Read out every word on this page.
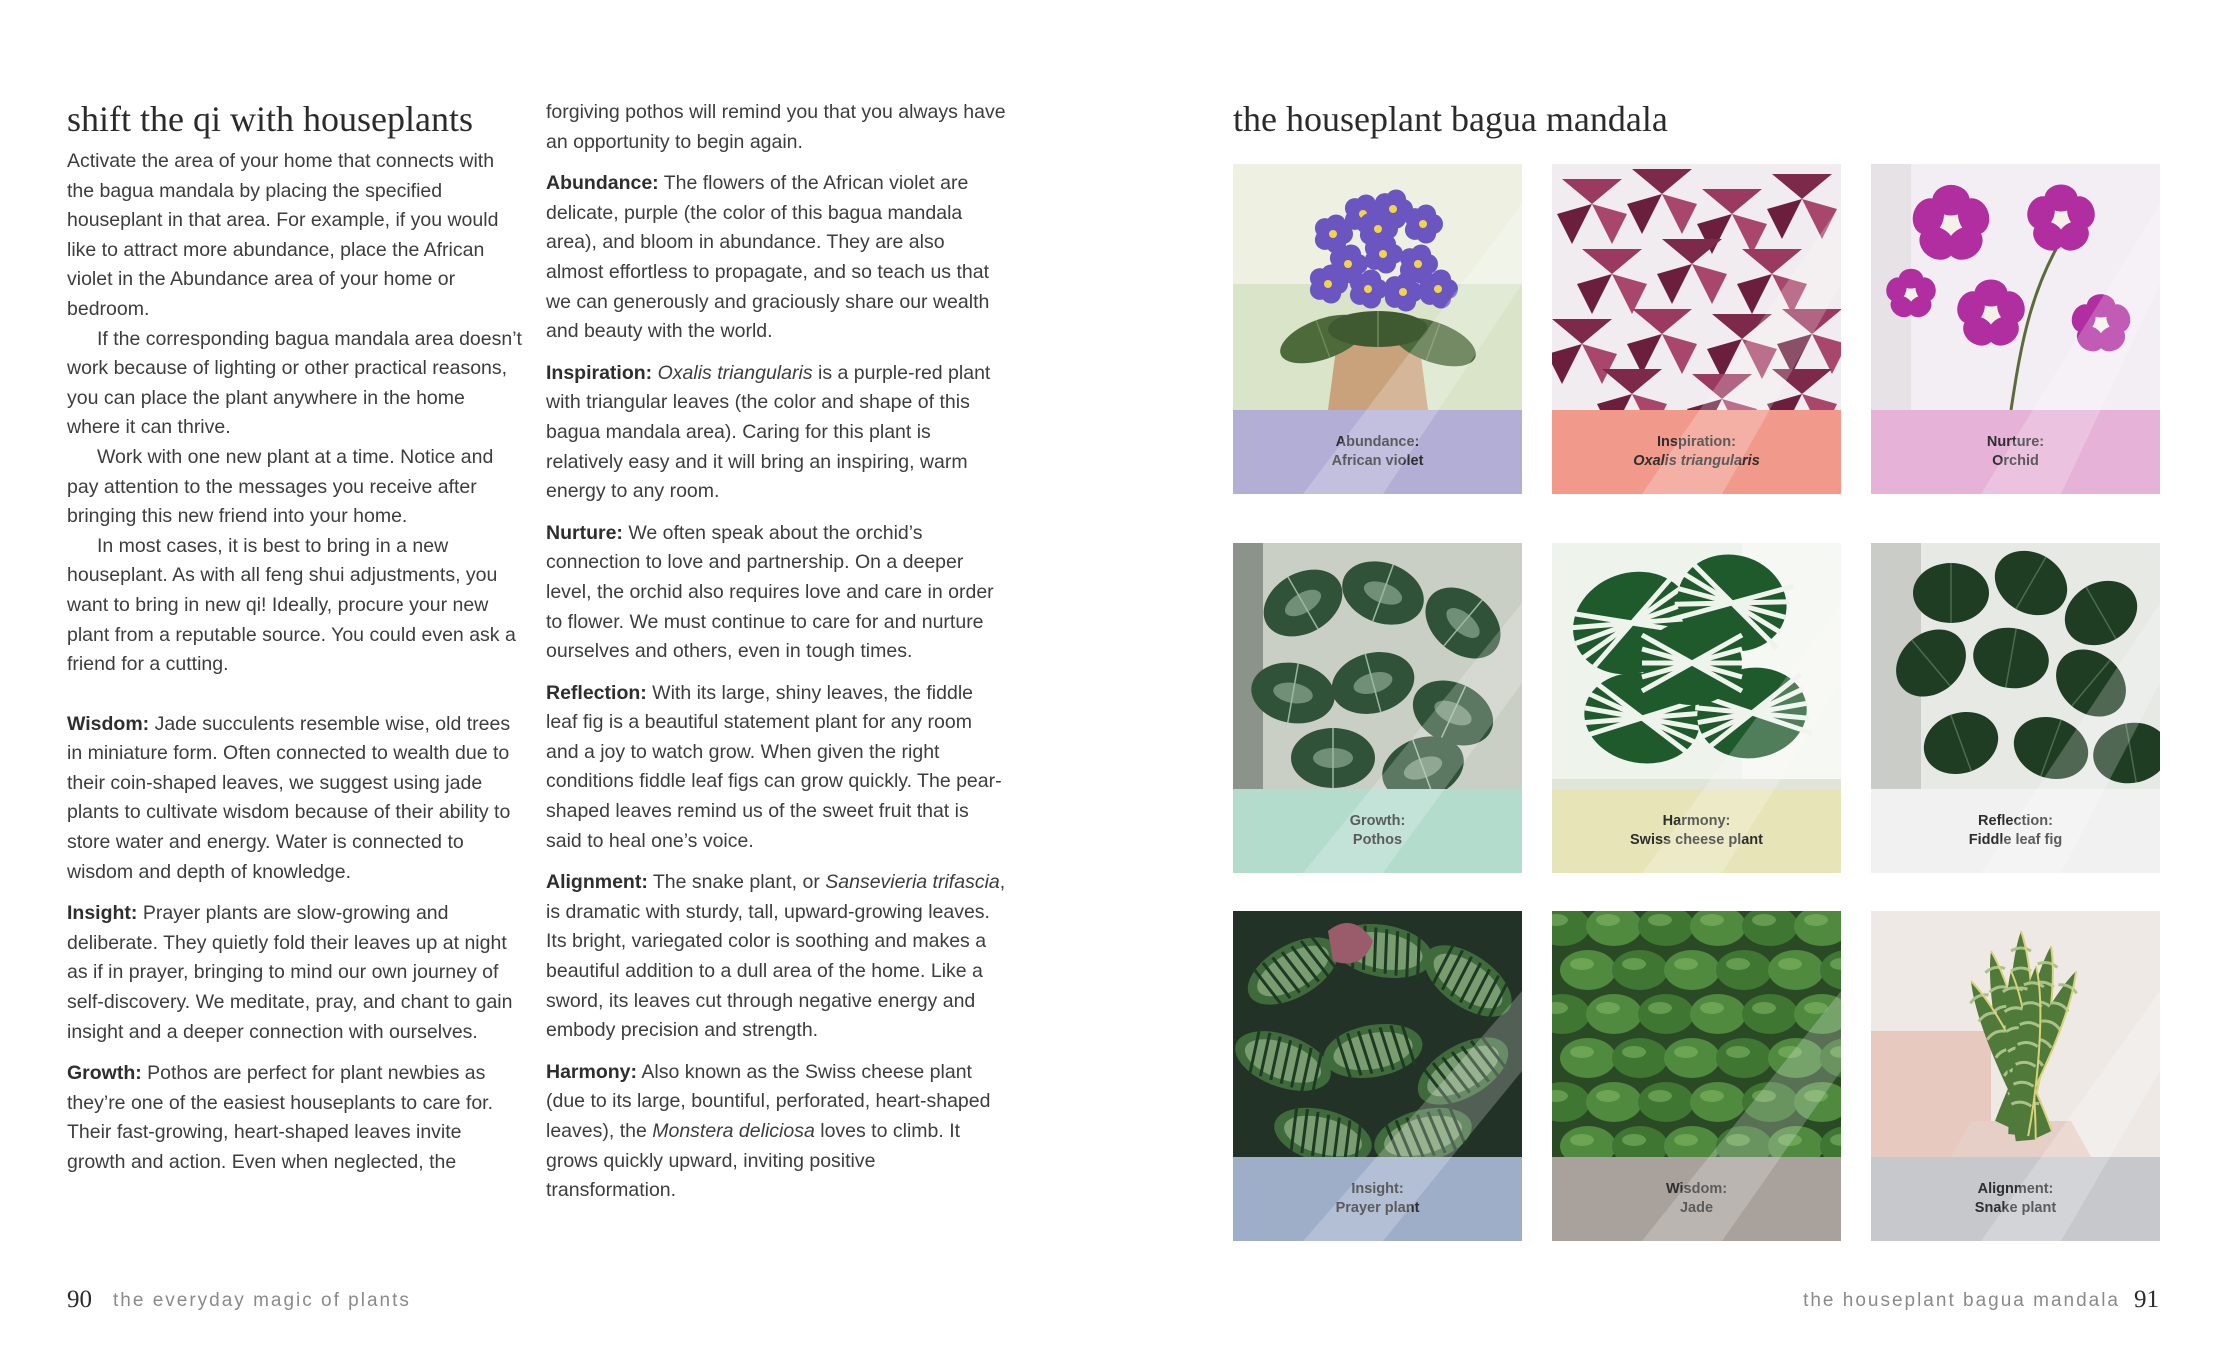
shift the qi with houseplants

Activate the area of your home that connects with the bagua mandala by placing the specified houseplant in that area. For example, if you would like to attract more abundance, place the African violet in the Abundance area of your home or bedroom.

If the corresponding bagua mandala area doesn’t work because of lighting or other practical reasons, you can place the plant anywhere in the home where it can thrive.

Work with one new plant at a time. Notice and pay attention to the messages you receive after bringing this new friend into your home.

In most cases, it is best to bring in a new houseplant. As with all feng shui adjustments, you want to bring in new qi! Ideally, procure your new plant from a reputable source. You could even ask a friend for a cutting.

Wisdom: Jade succulents resemble wise, old trees in miniature form. Often connected to wealth due to their coin-shaped leaves, we suggest using jade plants to cultivate wisdom because of their ability to store water and energy. Water is connected to wisdom and depth of knowledge.

Insight: Prayer plants are slow-growing and deliberate. They quietly fold their leaves up at night as if in prayer, bringing to mind our own journey of self-discovery. We meditate, pray, and chant to gain insight and a deeper connection with ourselves.

Growth: Pothos are perfect for plant newbies as they’re one of the easiest houseplants to care for. Their fast-growing, heart-shaped leaves invite growth and action. Even when neglected, the

forgiving pothos will remind you that you always have an opportunity to begin again.

Abundance: The flowers of the African violet are delicate, purple (the color of this bagua mandala area), and bloom in abundance. They are also almost effortless to propagate, and so teach us that we can generously and graciously share our wealth and beauty with the world.

Inspiration: Oxalis triangularis is a purple-red plant with triangular leaves (the color and shape of this bagua mandala area). Caring for this plant is relatively easy and it will bring an inspiring, warm energy to any room.

Nurture: We often speak about the orchid’s connection to love and partnership. On a deeper level, the orchid also requires love and care in order to flower. We must continue to care for and nurture ourselves and others, even in tough times.

Reflection: With its large, shiny leaves, the fiddle leaf fig is a beautiful statement plant for any room and a joy to watch grow. When given the right conditions fiddle leaf figs can grow quickly. The pear-shaped leaves remind us of the sweet fruit that is said to heal one’s voice.

Alignment: The snake plant, or Sansevieria trifascia, is dramatic with sturdy, tall, upward-growing leaves. Its bright, variegated color is soothing and makes a beautiful addition to a dull area of the home. Like a sword, its leaves cut through negative energy and embody precision and strength.

Harmony: Also known as the Swiss cheese plant (due to its large, bountiful, perforated, heart-shaped leaves), the Monstera deliciosa loves to climb. It grows quickly upward, inviting positive transformation.

90 the everyday magic of plants
the houseplant bagua mandala
Abundance:
African violet
Inspiration:
Oxalis triangularis
Nurture:
Orchid
Growth:
Pothos
Harmony:
Swiss cheese plant
Reflection:
Fiddle leaf fig
Insight:
Prayer plant
Wisdom:
Jade
Alignment:
Snake plant
the houseplant bagua mandala 91
